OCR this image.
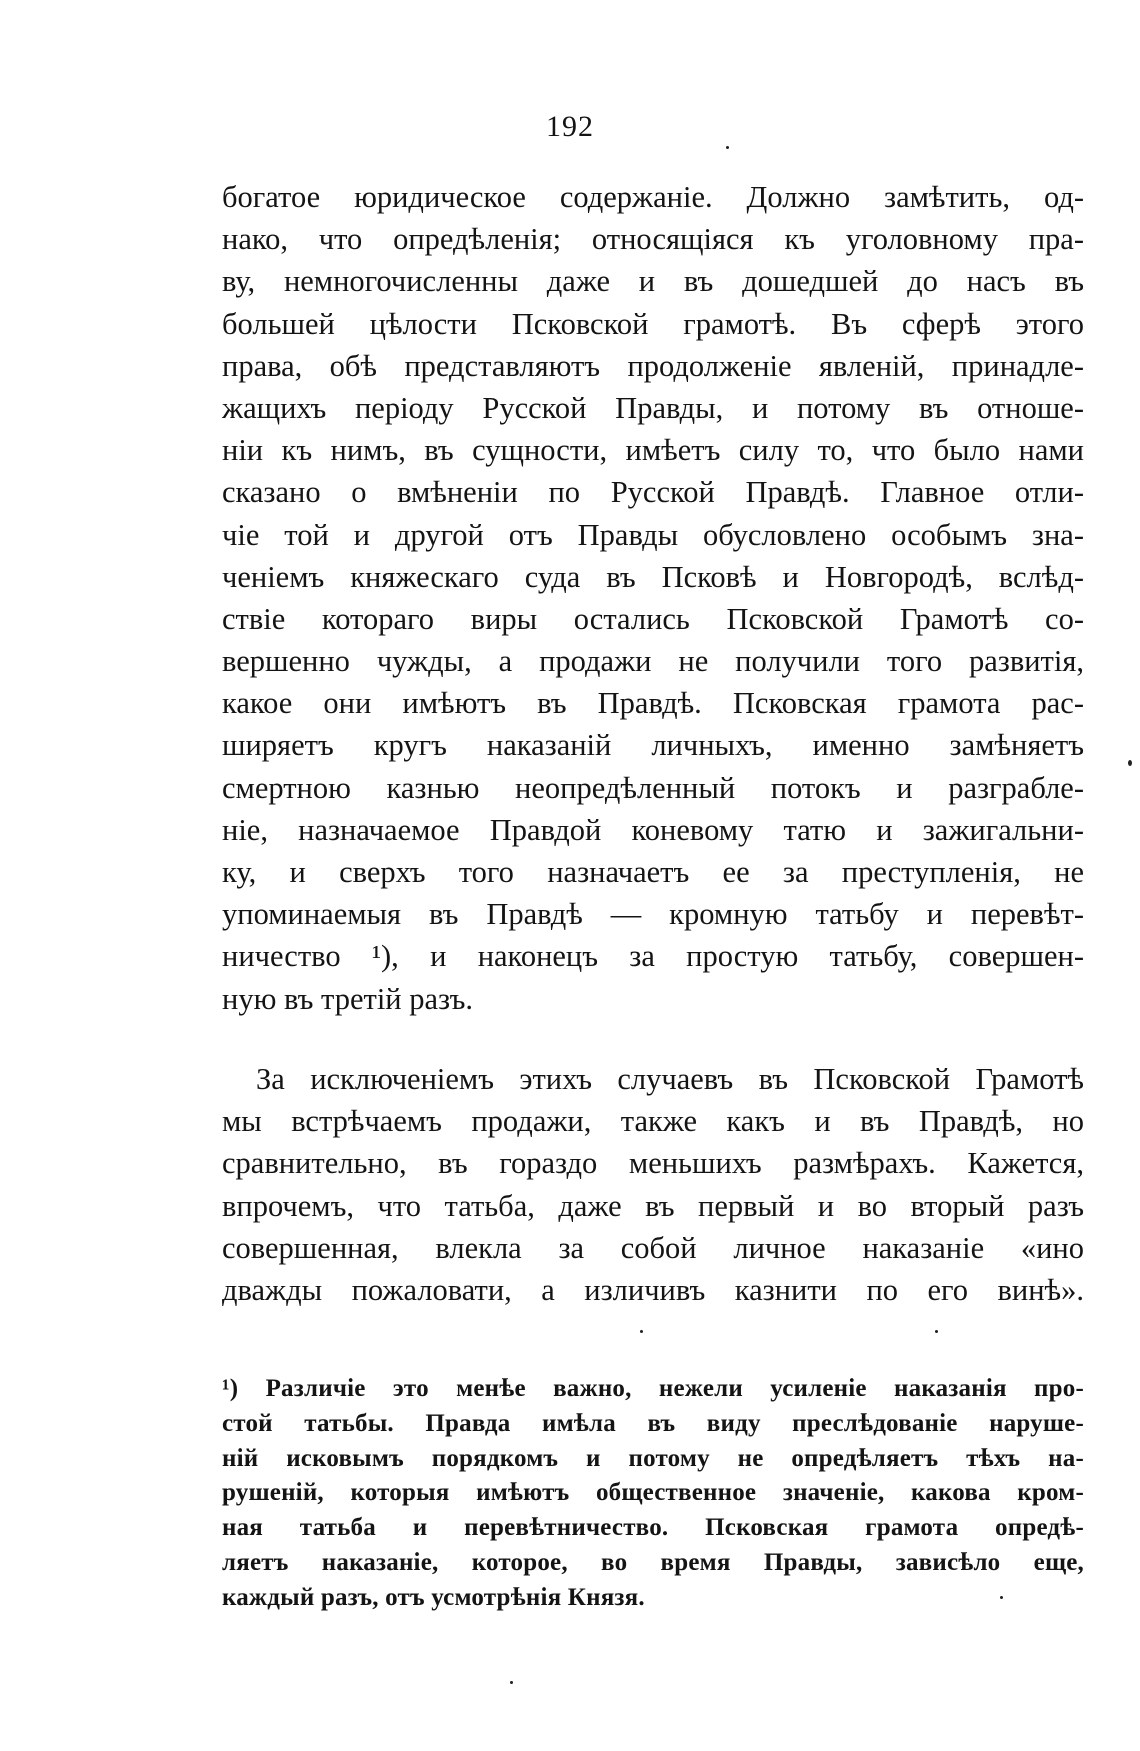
192
богатое юридическое содержаніе. Должно замѣтить, од-
нако, что опредѣленія; относящіяся къ уголовному пра-
ву, немногочисленны даже и въ дошедшей до насъ въ
большей цѣлости Псковской грамотѣ. Въ сферѣ этого
права, обѣ представляютъ продолженіе явленій, принадле-
жащихъ періоду Русской Правды, и потому въ отноше-
ніи къ нимъ, въ сущности, имѣетъ силу то, что было нами
сказано о вмѣненіи по Русской Правдѣ. Главное отли-
чіе той и другой отъ Правды обусловлено особымъ зна-
ченіемъ княжескаго суда въ Псковѣ и Новгородѣ, вслѣд-
ствіе котораго виры остались Псковской Грамотѣ со-
вершенно чужды, а продажи не получили того развитія,
какое они имѣютъ въ Правдѣ. Псковская грамота рас-
ширяетъ кругъ наказаній личныхъ, именно замѣняетъ
смертною казнью неопредѣленный потокъ и разграбле-
ніе, назначаемое Правдой коневому татю и зажигальни-
ку, и сверхъ того назначаетъ ее за преступленія, не
упоминаемыя въ Правдѣ — кромную татьбу и перевѣт-
ничество ¹), и наконецъ за простую татьбу, совершен-
ную въ третій разъ.
За исключеніемъ этихъ случаевъ въ Псковской Грамотѣ
мы встрѣчаемъ продажи, также какъ и въ Правдѣ, но
сравнительно, въ гораздо меньшихъ размѣрахъ. Кажется,
впрочемъ, что татьба, даже въ первый и во вторый разъ
совершенная, влекла за собой личное наказаніе «ино
дважды пожаловати, а изличивъ казнити по его винѣ».
¹) Различіе это менѣе важно, нежели усиленіе наказанія про-
стой татьбы. Правда имѣла въ виду преслѣдованіе наруше-
ній исковымъ порядкомъ и потому не опредѣляетъ тѣхъ на-
рушеній, которыя имѣютъ общественное значеніе, какова кром-
ная татьба и перевѣтничество. Псковская грамота опредѣ-
ляетъ наказаніе, которое, во время Правды, зависѣло еще,
каждый разъ, отъ усмотрѣнія Князя.
